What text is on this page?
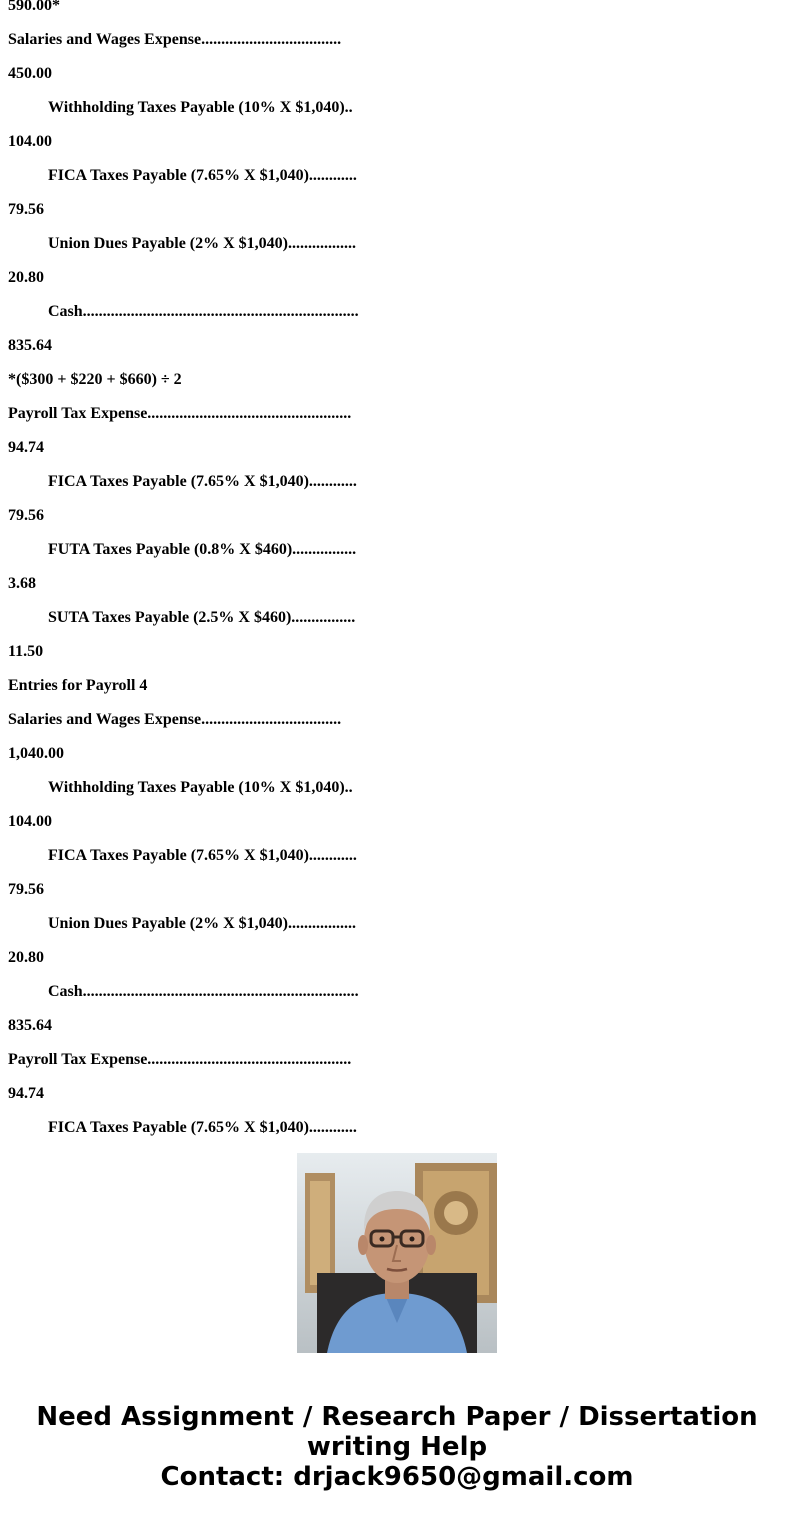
590.00*
Salaries and Wages Expense...................................
450.00
Withholding Taxes Payable (10% X $1,040)..
104.00
FICA Taxes Payable (7.65% X $1,040)............
79.56
Union Dues Payable (2% X $1,040).................
20.80
Cash.....................................................................
835.64
*($300 + $220 + $660) ÷ 2
Payroll Tax Expense...................................................
94.74
FICA Taxes Payable (7.65% X $1,040)............
79.56
FUTA Taxes Payable (0.8% X $460)................
3.68
SUTA Taxes Payable (2.5% X $460)................
11.50
Entries for Payroll 4
Salaries and Wages Expense...................................
1,040.00
Withholding Taxes Payable (10% X $1,040)..
104.00
FICA Taxes Payable (7.65% X $1,040)............
79.56
Union Dues Payable (2% X $1,040).................
20.80
Cash.....................................................................
835.64
Payroll Tax Expense...................................................
94.74
FICA Taxes Payable (7.65% X $1,040)............
Need Assignment / Research Paper / Dissertation
writing Help
Contact: drjack9650@gmail.com
